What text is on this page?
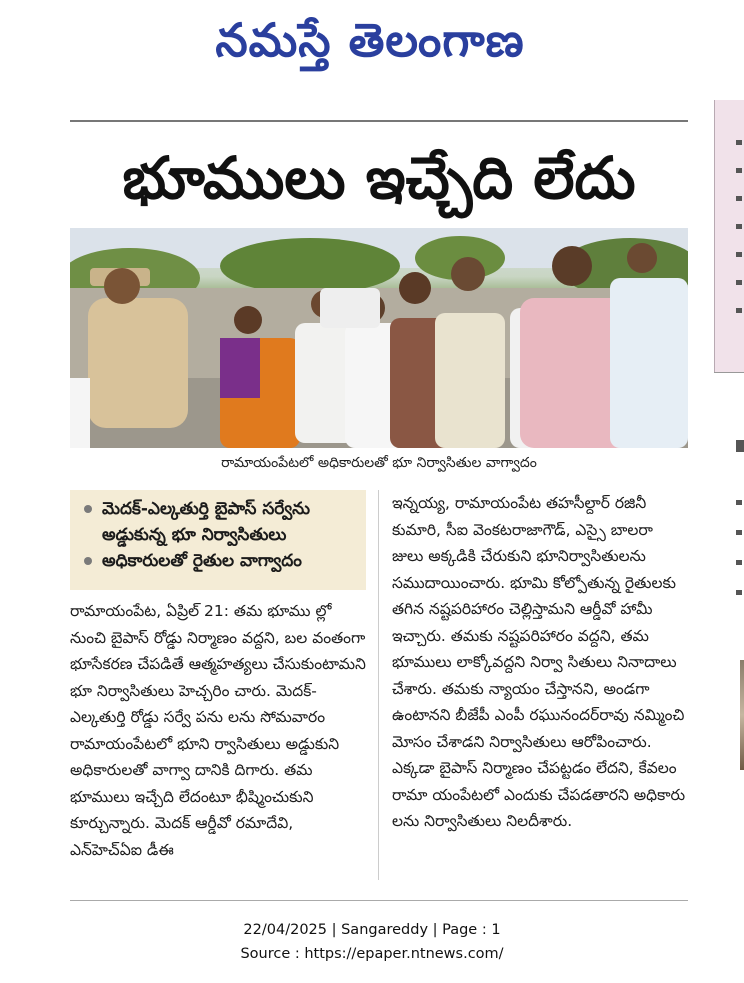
నమస్తే తెలంగాణ
భూములు ఇచ్చేది లేదు
రామాయంపేటలో అధికారులతో భూ నిర్వాసితుల వాగ్వాదం
మెదక్-ఎల్కతుర్తి బైపాస్ సర్వేను అడ్డుకున్న భూ నిర్వాసితులు
అధికారులతో రైతుల వాగ్వాదం

రామాయంపేట, ఏప్రిల్ 21: తమ భూము ల్లో నుంచి బైపాస్ రోడ్డు నిర్మాణం వద్దని, బల వంతంగా భూసేకరణ చేపడితే ఆత్మహత్యలు చేసుకుంటామని భూ నిర్వాసితులు హెచ్చరిం చారు. మెదక్-ఎల్కతుర్తి రోడ్డు సర్వే పను లను సోమవారం రామాయంపేటలో భూని ర్వాసితులు అడ్డుకుని అధికారులతో వాగ్వా దానికి దిగారు. తమ భూములు ఇచ్చేది లేదంటూ భీష్మించుకుని కూర్చున్నారు. మెదక్ ఆర్డీవో రమాదేవి, ఎన్‌హెచ్‌ఏఐ డీఈ

ఇన్నయ్య, రామాయంపేట తహసీల్దార్ రజినీ కుమారి, సీఐ వెంకటరాజాగౌడ్, ఎస్సై బాలరా జులు అక్కడికి చేరుకుని భూనిర్వాసితులను సముదాయించారు. భూమి కోల్పోతున్న రైతులకు తగిన నష్టపరిహారం చెల్లిస్తామని ఆర్డీవో హామీ ఇచ్చారు. తమకు నష్టపరిహారం వద్దని, తమ భూములు లాక్కోవద్దని నిర్వా సితులు నినాదాలు చేశారు. తమకు న్యాయం చేస్తానని, అండగా ఉంటానని బీజేపీ ఎంపీ రఘునందర్‌రావు నమ్మించి మోసం చేశాడని నిర్వాసితులు ఆరోపించారు. ఎక్కడా బైపాస్ నిర్మాణం చేపట్టడం లేదని, కేవలం రామా యంపేటలో ఎందుకు చేపడతారని అధికారు లను నిర్వాసితులు నిలదీశారు.

22/04/2025 | Sangareddy | Page : 1
Source : https://epaper.ntnews.com/
